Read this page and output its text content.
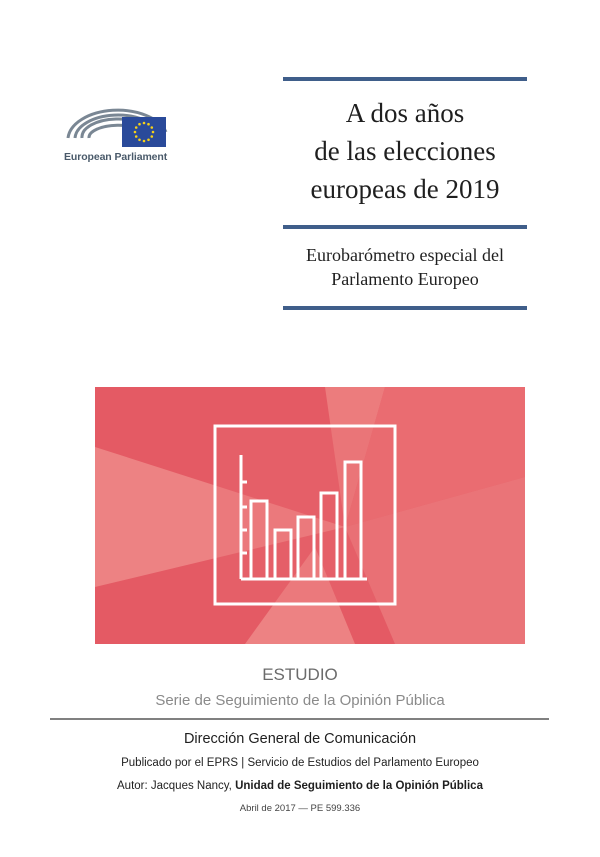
European Parliament
A dos años
de las elecciones
europeas de 2019
Eurobarómetro especial del
Parlamento Europeo
ESTUDIO
Serie de Seguimiento de la Opinión Pública
Dirección General de Comunicación
Publicado por el EPRS | Servicio de Estudios del Parlamento Europeo
Autor: Jacques Nancy, Unidad de Seguimiento de la Opinión Pública
Abril de 2017 — PE 599.336
